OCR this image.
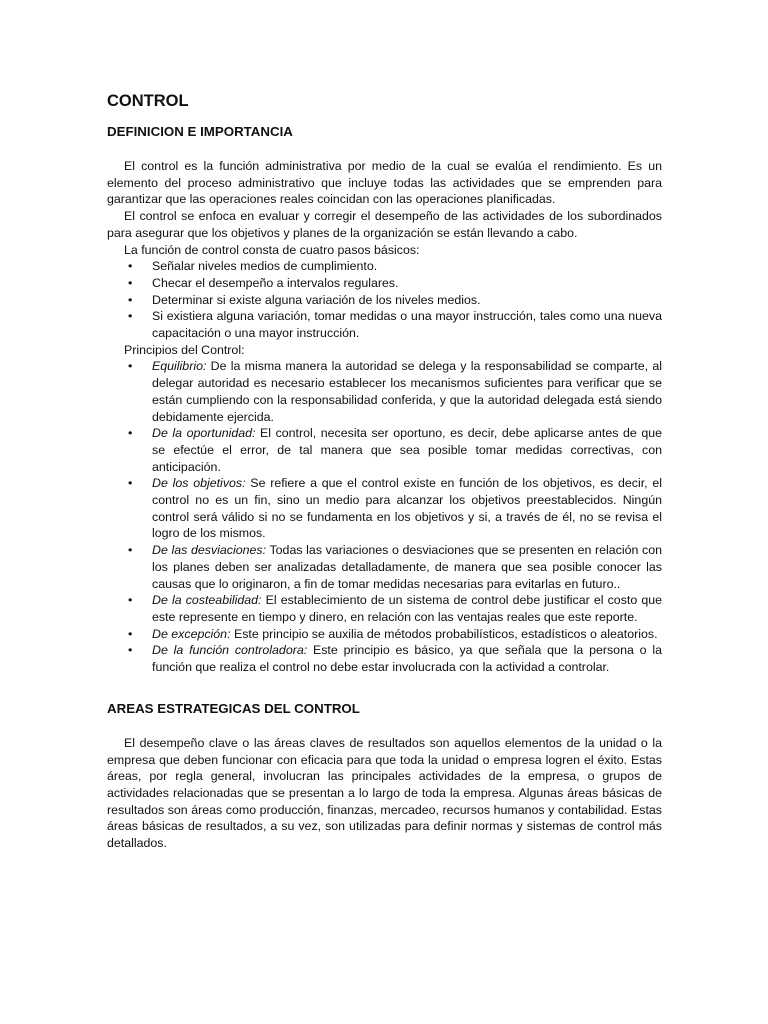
CONTROL
DEFINICION E IMPORTANCIA

El control es la función administrativa por medio de la cual se evalúa el rendimiento. Es un elemento del proceso administrativo que incluye todas las actividades que se emprenden para garantizar que las operaciones reales coincidan con las operaciones planificadas.

El control se enfoca en evaluar y corregir el desempeño de las actividades de los subordinados para asegurar que los objetivos y planes de la organización se están llevando a cabo.

La función de control consta de cuatro pasos básicos:

• Señalar niveles medios de cumplimiento.
• Checar el desempeño a intervalos regulares.
• Determinar si existe alguna variación de los niveles medios.
• Si existiera alguna variación, tomar medidas o una mayor instrucción, tales como una nueva capacitación o una mayor instrucción.
Principios del Control:
• Equilibrio: De la misma manera la autoridad se delega y la responsabilidad se comparte, al delegar autoridad es necesario establecer los mecanismos suficientes para verificar que se están cumpliendo con la responsabilidad conferida, y que la autoridad delegada está siendo debidamente ejercida.
• De la oportunidad: El control, necesita ser oportuno, es decir, debe aplicarse antes de que se efectúe el error, de tal manera que sea posible tomar medidas correctivas, con anticipación.
• De los objetivos: Se refiere a que el control existe en función de los objetivos, es decir, el control no es un fin, sino un medio para alcanzar los objetivos preestablecidos. Ningún control será válido si no se fundamenta en los objetivos y si, a través de él, no se revisa el logro de los mismos.
• De las desviaciones: Todas las variaciones o desviaciones que se presenten en relación con los planes deben ser analizadas detalladamente, de manera que sea posible conocer las causas que lo originaron, a fin de tomar medidas necesarias para evitarlas en futuro..
• De la costeabilidad: El establecimiento de un sistema de control debe justificar el costo que este represente en tiempo y dinero, en relación con las ventajas reales que este reporte.
• De excepción: Este principio se auxilia de métodos probabilísticos, estadísticos o aleatorios.
• De la función controladora: Este principio es básico, ya que señala que la persona o la función que realiza el control no debe estar involucrada con la actividad a controlar.
AREAS ESTRATEGICAS DEL CONTROL

El desempeño clave o las áreas claves de resultados son aquellos elementos de la unidad o la empresa que deben funcionar con eficacia para que toda la unidad o empresa logren el éxito. Estas áreas, por regla general, involucran las principales actividades de la empresa, o grupos de actividades relacionadas que se presentan a lo largo de toda la empresa. Algunas áreas básicas de resultados son áreas como producción, finanzas, mercadeo, recursos humanos y contabilidad. Estas áreas básicas de resultados, a su vez, son utilizadas para definir normas y sistemas de control más detallados.
